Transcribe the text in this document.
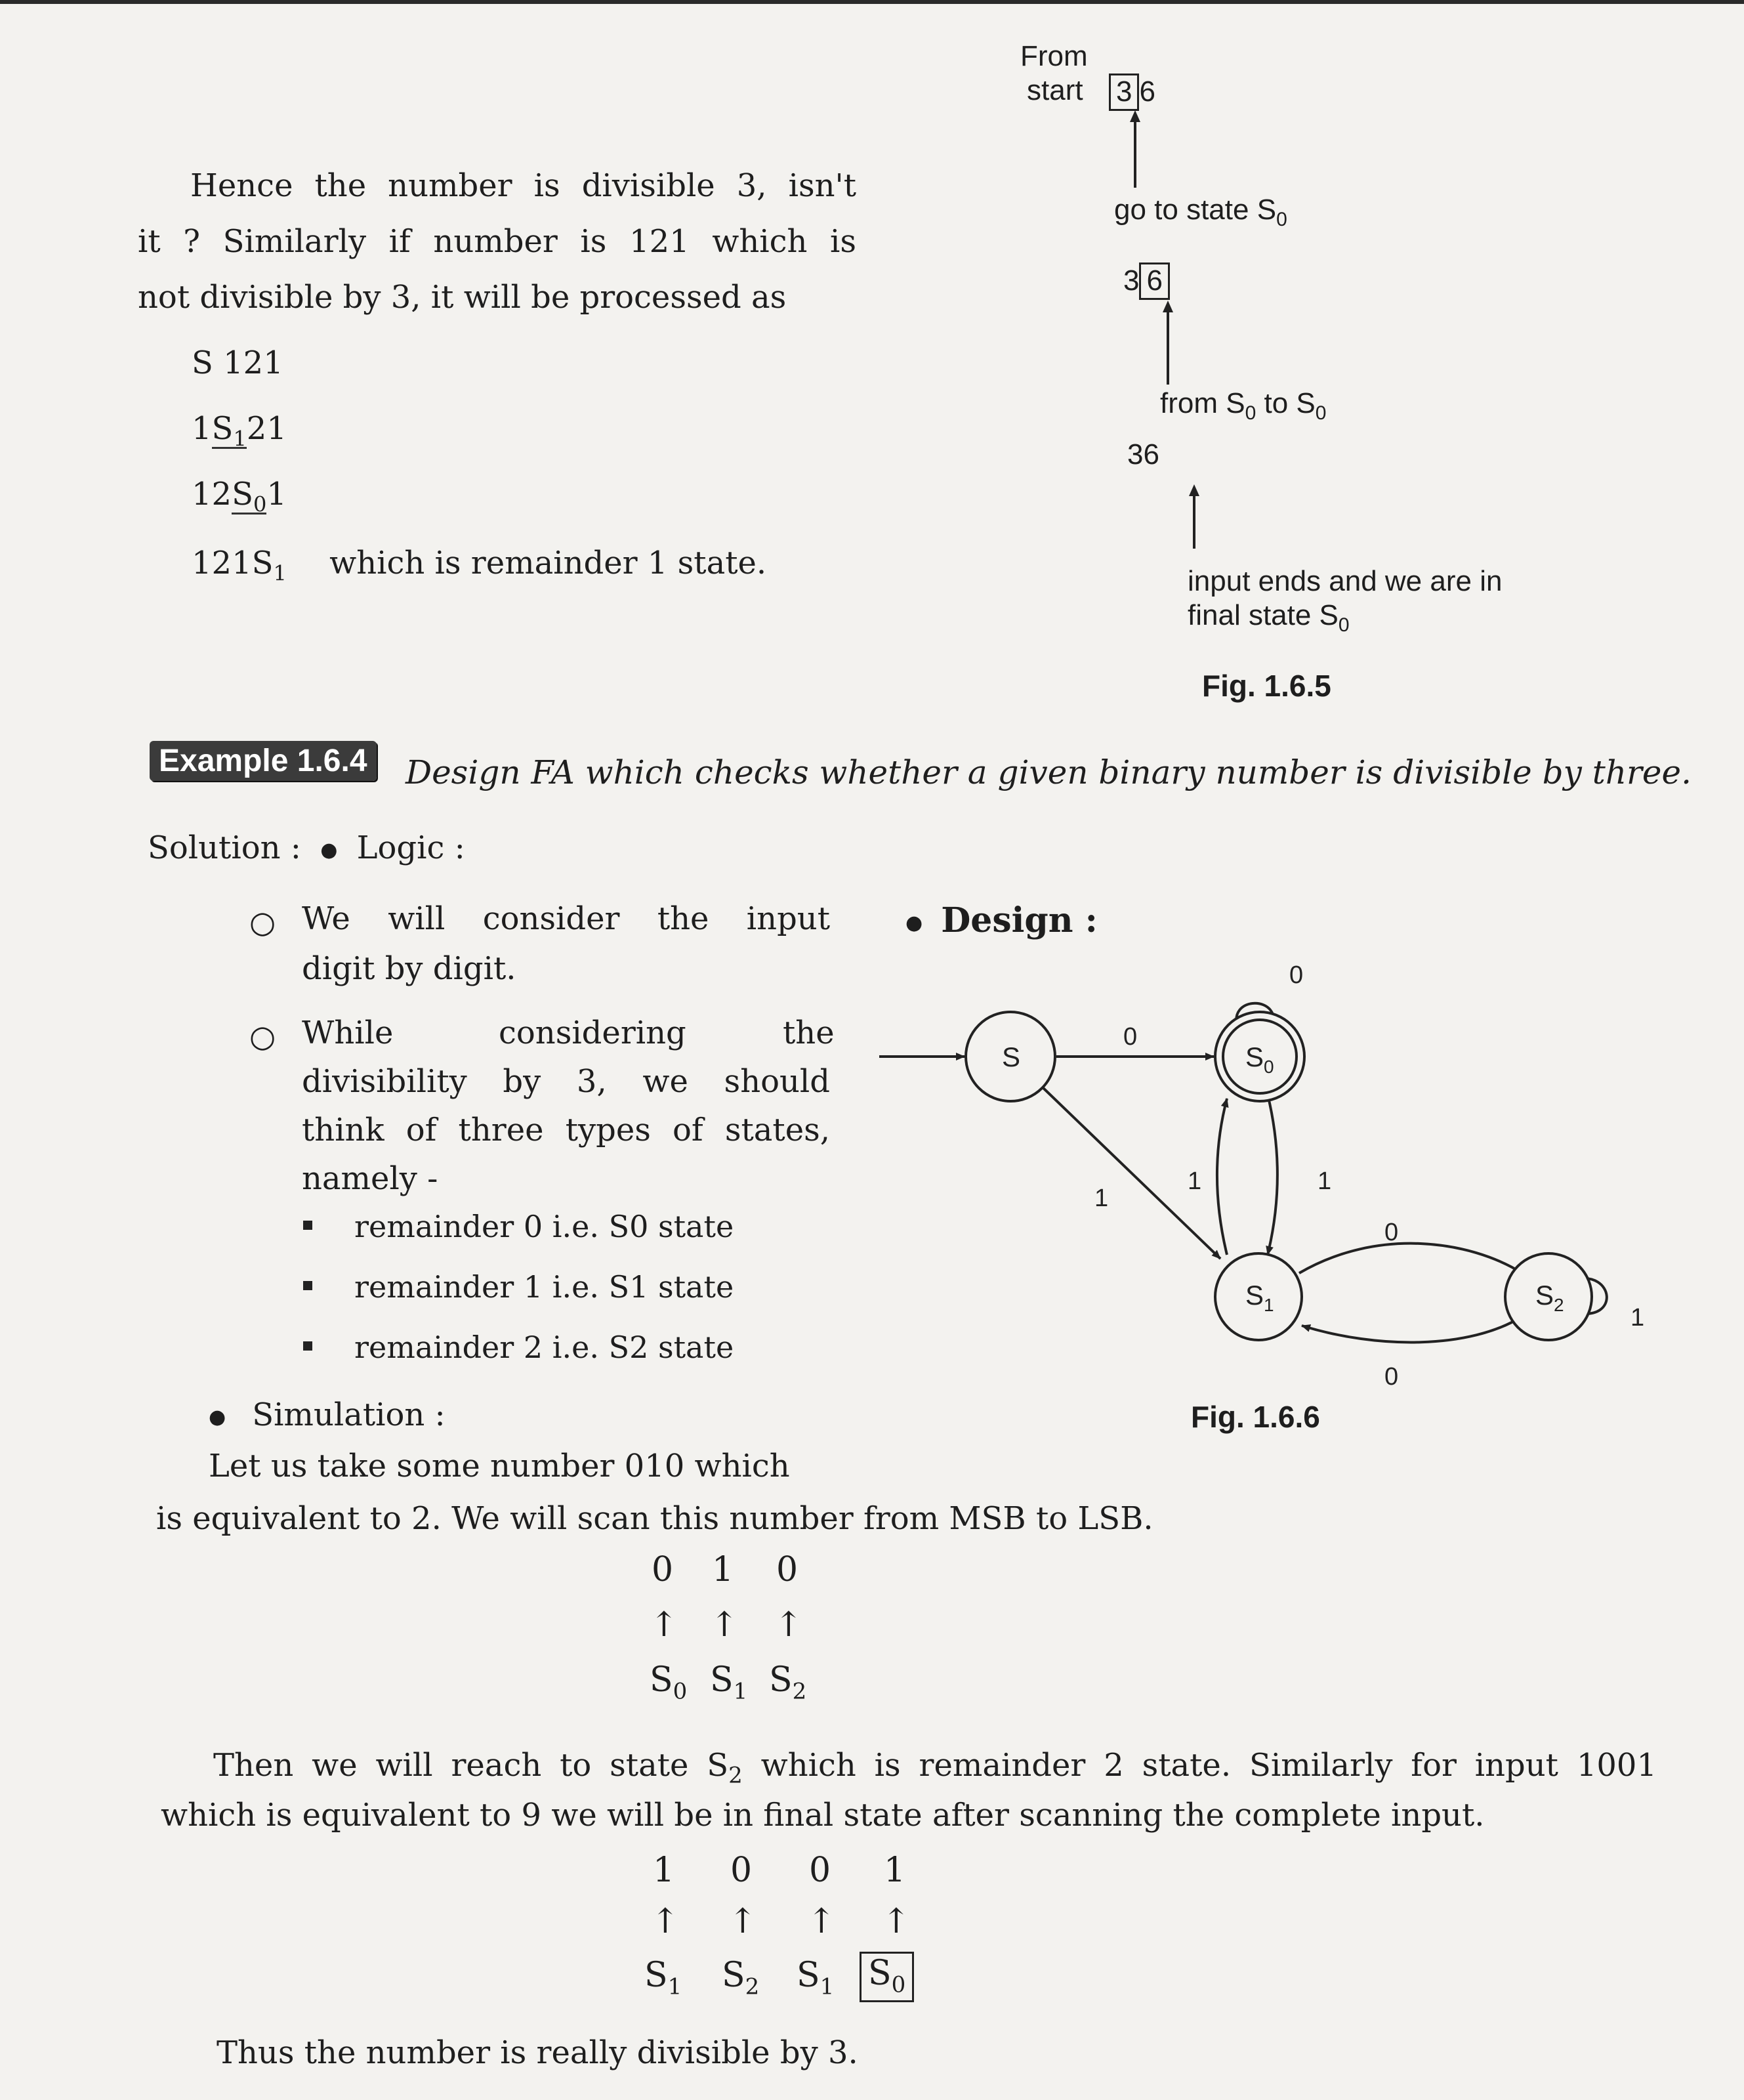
Hence the number is divisible 3, isn't
it ? Similarly if number is 121 which is
not divisible by 3, it will be processed as
S 121
$1S_121$
$12S_01$
$121S_1$ which is remainder 1 state.
From
start 3 6
go to state $S_0$
3 6
from $S_0$ to $S_0$
36
input ends and we are in
final state $S_0$
Fig. 1.6.5
Example 1.6.4 Design FA which checks whether a given binary number is divisible by three.
Solution : ● Logic :
○ We will consider the input
digit by digit.
○ While	considering	the
divisibility by 3, we should
think of three types of states,
namely -
remainder 0 i.e. S0 state
remainder 1 i.e. S1 state
remainder 2 i.e. S2 state
● Design :
S	$S_0$
$S_1$	$S_2$
0
0
1
1	1
0
0
1
Fig. 1.6.6
● Simulation :
Let us take some number 010 which
is equivalent to 2. We will scan this number from MSB to LSB.
0 1 0
↑ ↑ ↑
$S_0$ $S_1$ $S_2$
Then we will reach to state $S_2$ which is remainder 2 state. Similarly for input 1001
which is equivalent to 9 we will be in final state after scanning the complete input.
1 0 0 1
↑ ↑ ↑ ↑
$S_1$ $S_2$ $S_1$ $S_0$
Thus the number is really divisible by 3.
